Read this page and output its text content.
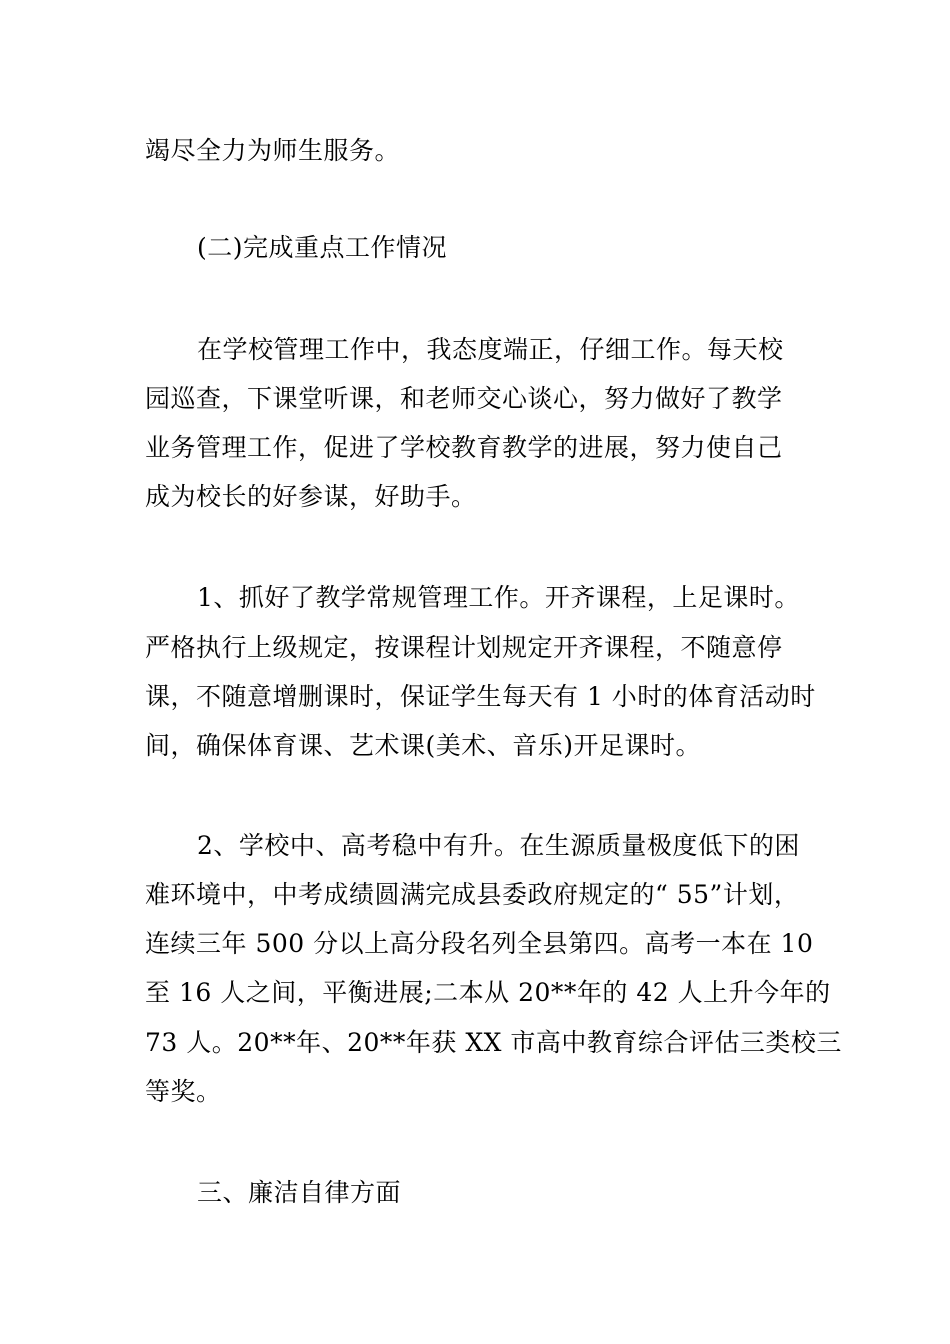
竭尽全力为师生服务。
(二)完成重点工作情况
在学校管理工作中，我态度端正，仔细工作。每天校
园巡查，下课堂听课，和老师交心谈心，努力做好了教学
业务管理工作，促进了学校教育教学的进展，努力使自己
成为校长的好参谋，好助手。
1、抓好了教学常规管理工作。开齐课程，上足课时。
严格执行上级规定，按课程计划规定开齐课程，不随意停
课，不随意增删课时，保证学生每天有 1 小时的体育活动时
间，确保体育课、艺术课(美术、音乐)开足课时。
2、学校中、高考稳中有升。在生源质量极度低下的困
难环境中，中考成绩圆满完成县委政府规定的“ 55”计划，
连续三年 500 分以上高分段名列全县第四。高考一本在 10
至 16 人之间，平衡进展;二本从 20**年的 42 人上升今年的
73 人。20**年、20**年获 XX 市高中教育综合评估三类校三
等奖。
三、廉洁自律方面
